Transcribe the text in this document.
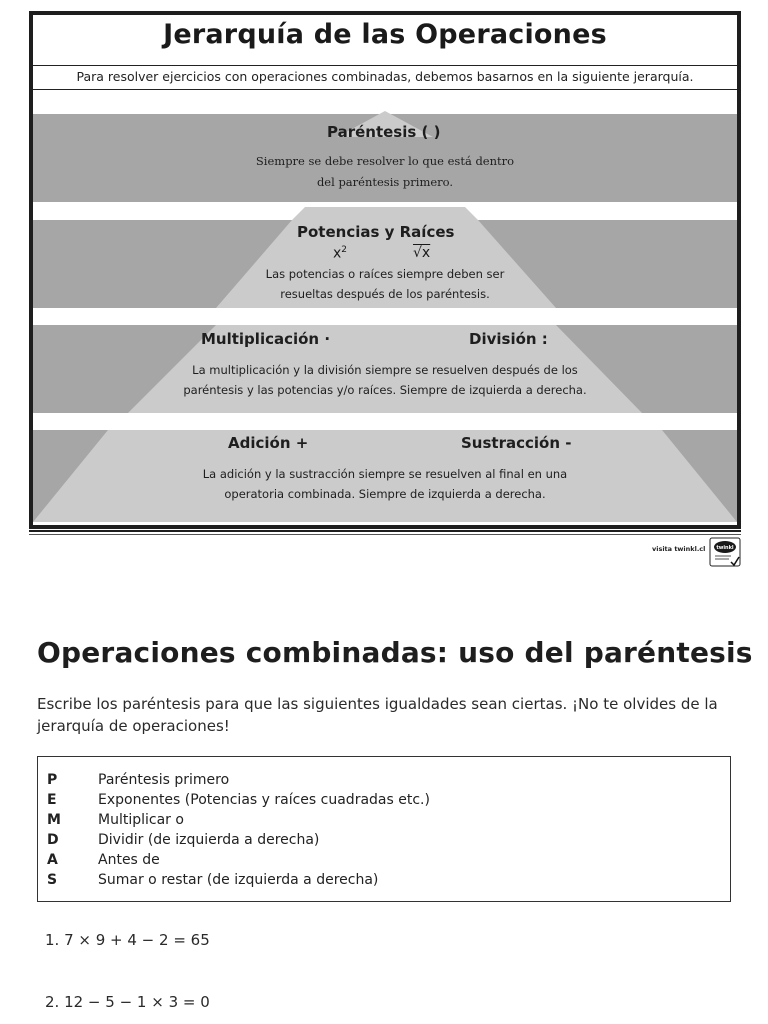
Jerarquía de las Operaciones
Para resolver ejercicios con operaciones combinadas, debemos basarnos en la siguiente jerarquía.
Paréntesis ( )
Siempre se debe resolver lo que está dentro
del paréntesis primero.
Potencias y Raíces
$x^2$	√x
Las potencias o raíces siempre deben ser
resueltas después de los paréntesis.
Multiplicación ·	División :
La multiplicación y la división siempre se resuelven después de los
paréntesis y las potencias y/o raíces. Siempre de izquierda a derecha.
Adición +	Sustracción -
La adición y la sustracción siempre se resuelven al final en una
operatoria combinada. Siempre de izquierda a derecha.
visita twinkl.cl twinkl
Operaciones combinadas: uso del paréntesis
Escribe los paréntesis para que las siguientes igualdades sean ciertas. ¡No te olvides de la jerarquía de operaciones!
P	Paréntesis primero
E	Exponentes (Potencias y raíces cuadradas etc.)
M	Multiplicar o
D	Dividir (de izquierda a derecha)
A	Antes de
S	Sumar o restar (de izquierda a derecha)
1. 7 × 9 + 4 − 2 = 65
2. 12 − 5 − 1 × 3 = 0
